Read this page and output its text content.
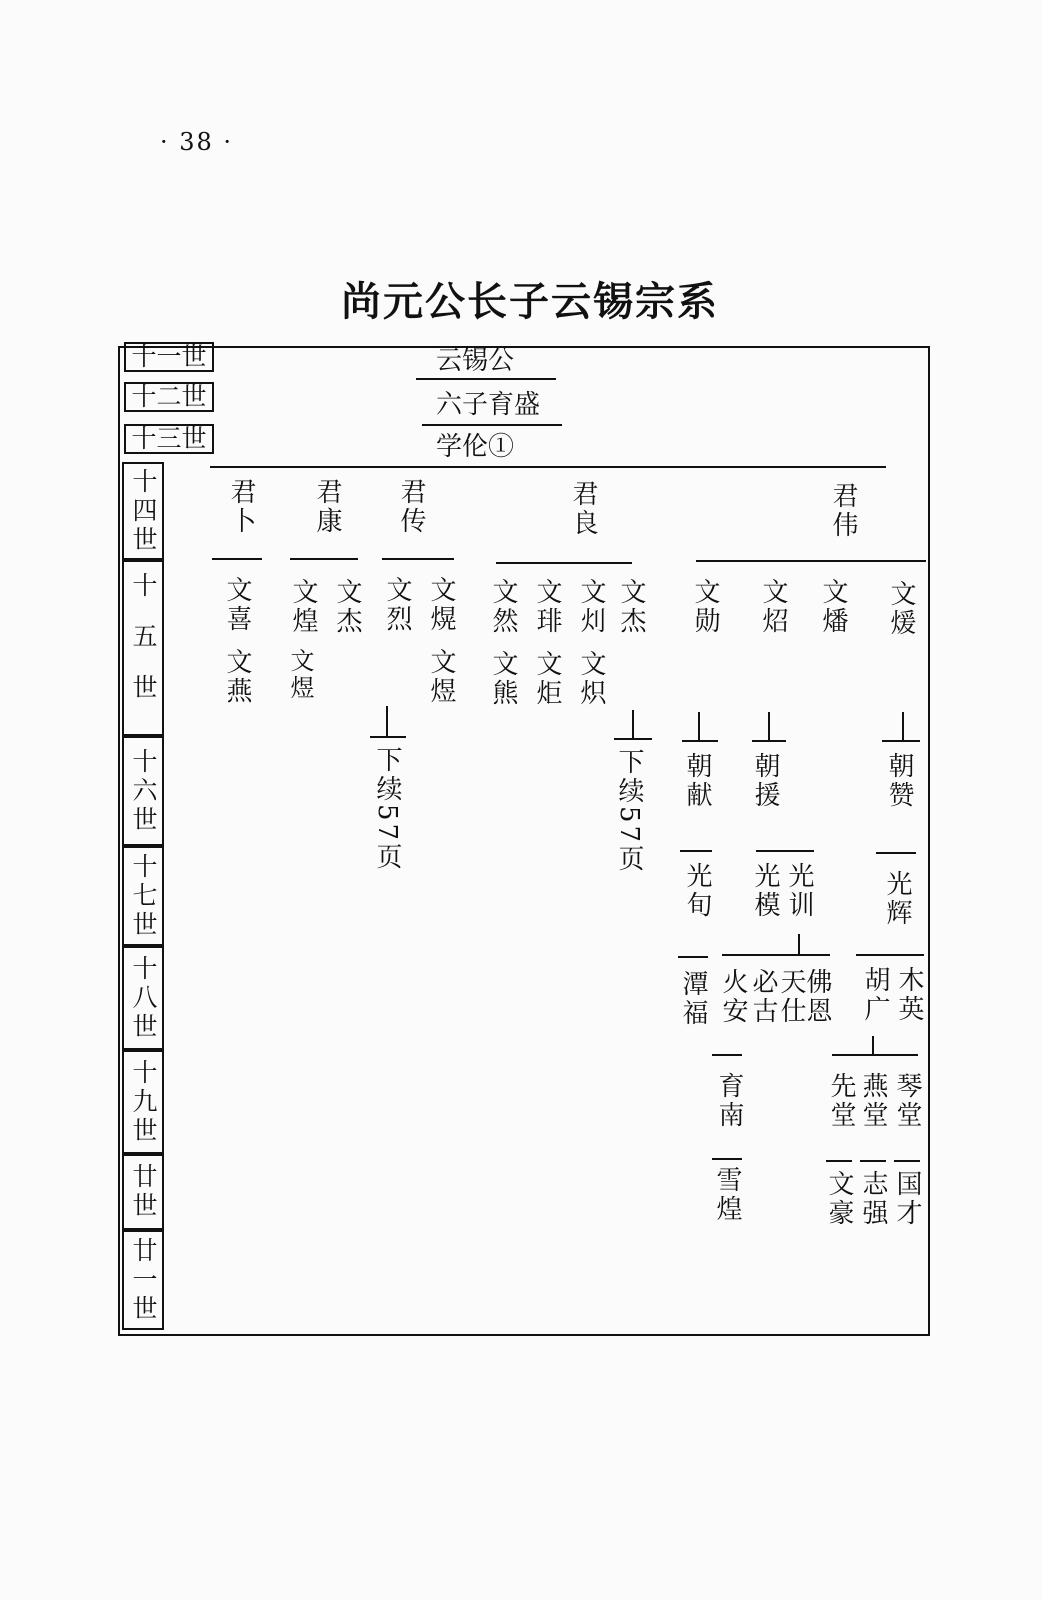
· 38 ·
尚元公长子云锡宗系
十一世
十二世
十三世
十四世
十五世
十六世
十七世
十八世
十九世
廿世
廿一世
云锡公
六子育盛
学伦①
君卜 君康 君传	君良	君伟
文喜
文燕
文杰
文煌
文煜
文熀
文烈
文煜
文杰
文灲
文琲
文然
文炽
文炬
文熊
文勋 文炤 文燔 文煖
下续57页	下续57页 朝献 朝援	朝赞
光旬	光训
光模	光辉
潭福	佛恩
天仕
必古
火安	木英
胡广
育南	琴堂
燕堂
先堂
雪煌	国才
志强
文豪
